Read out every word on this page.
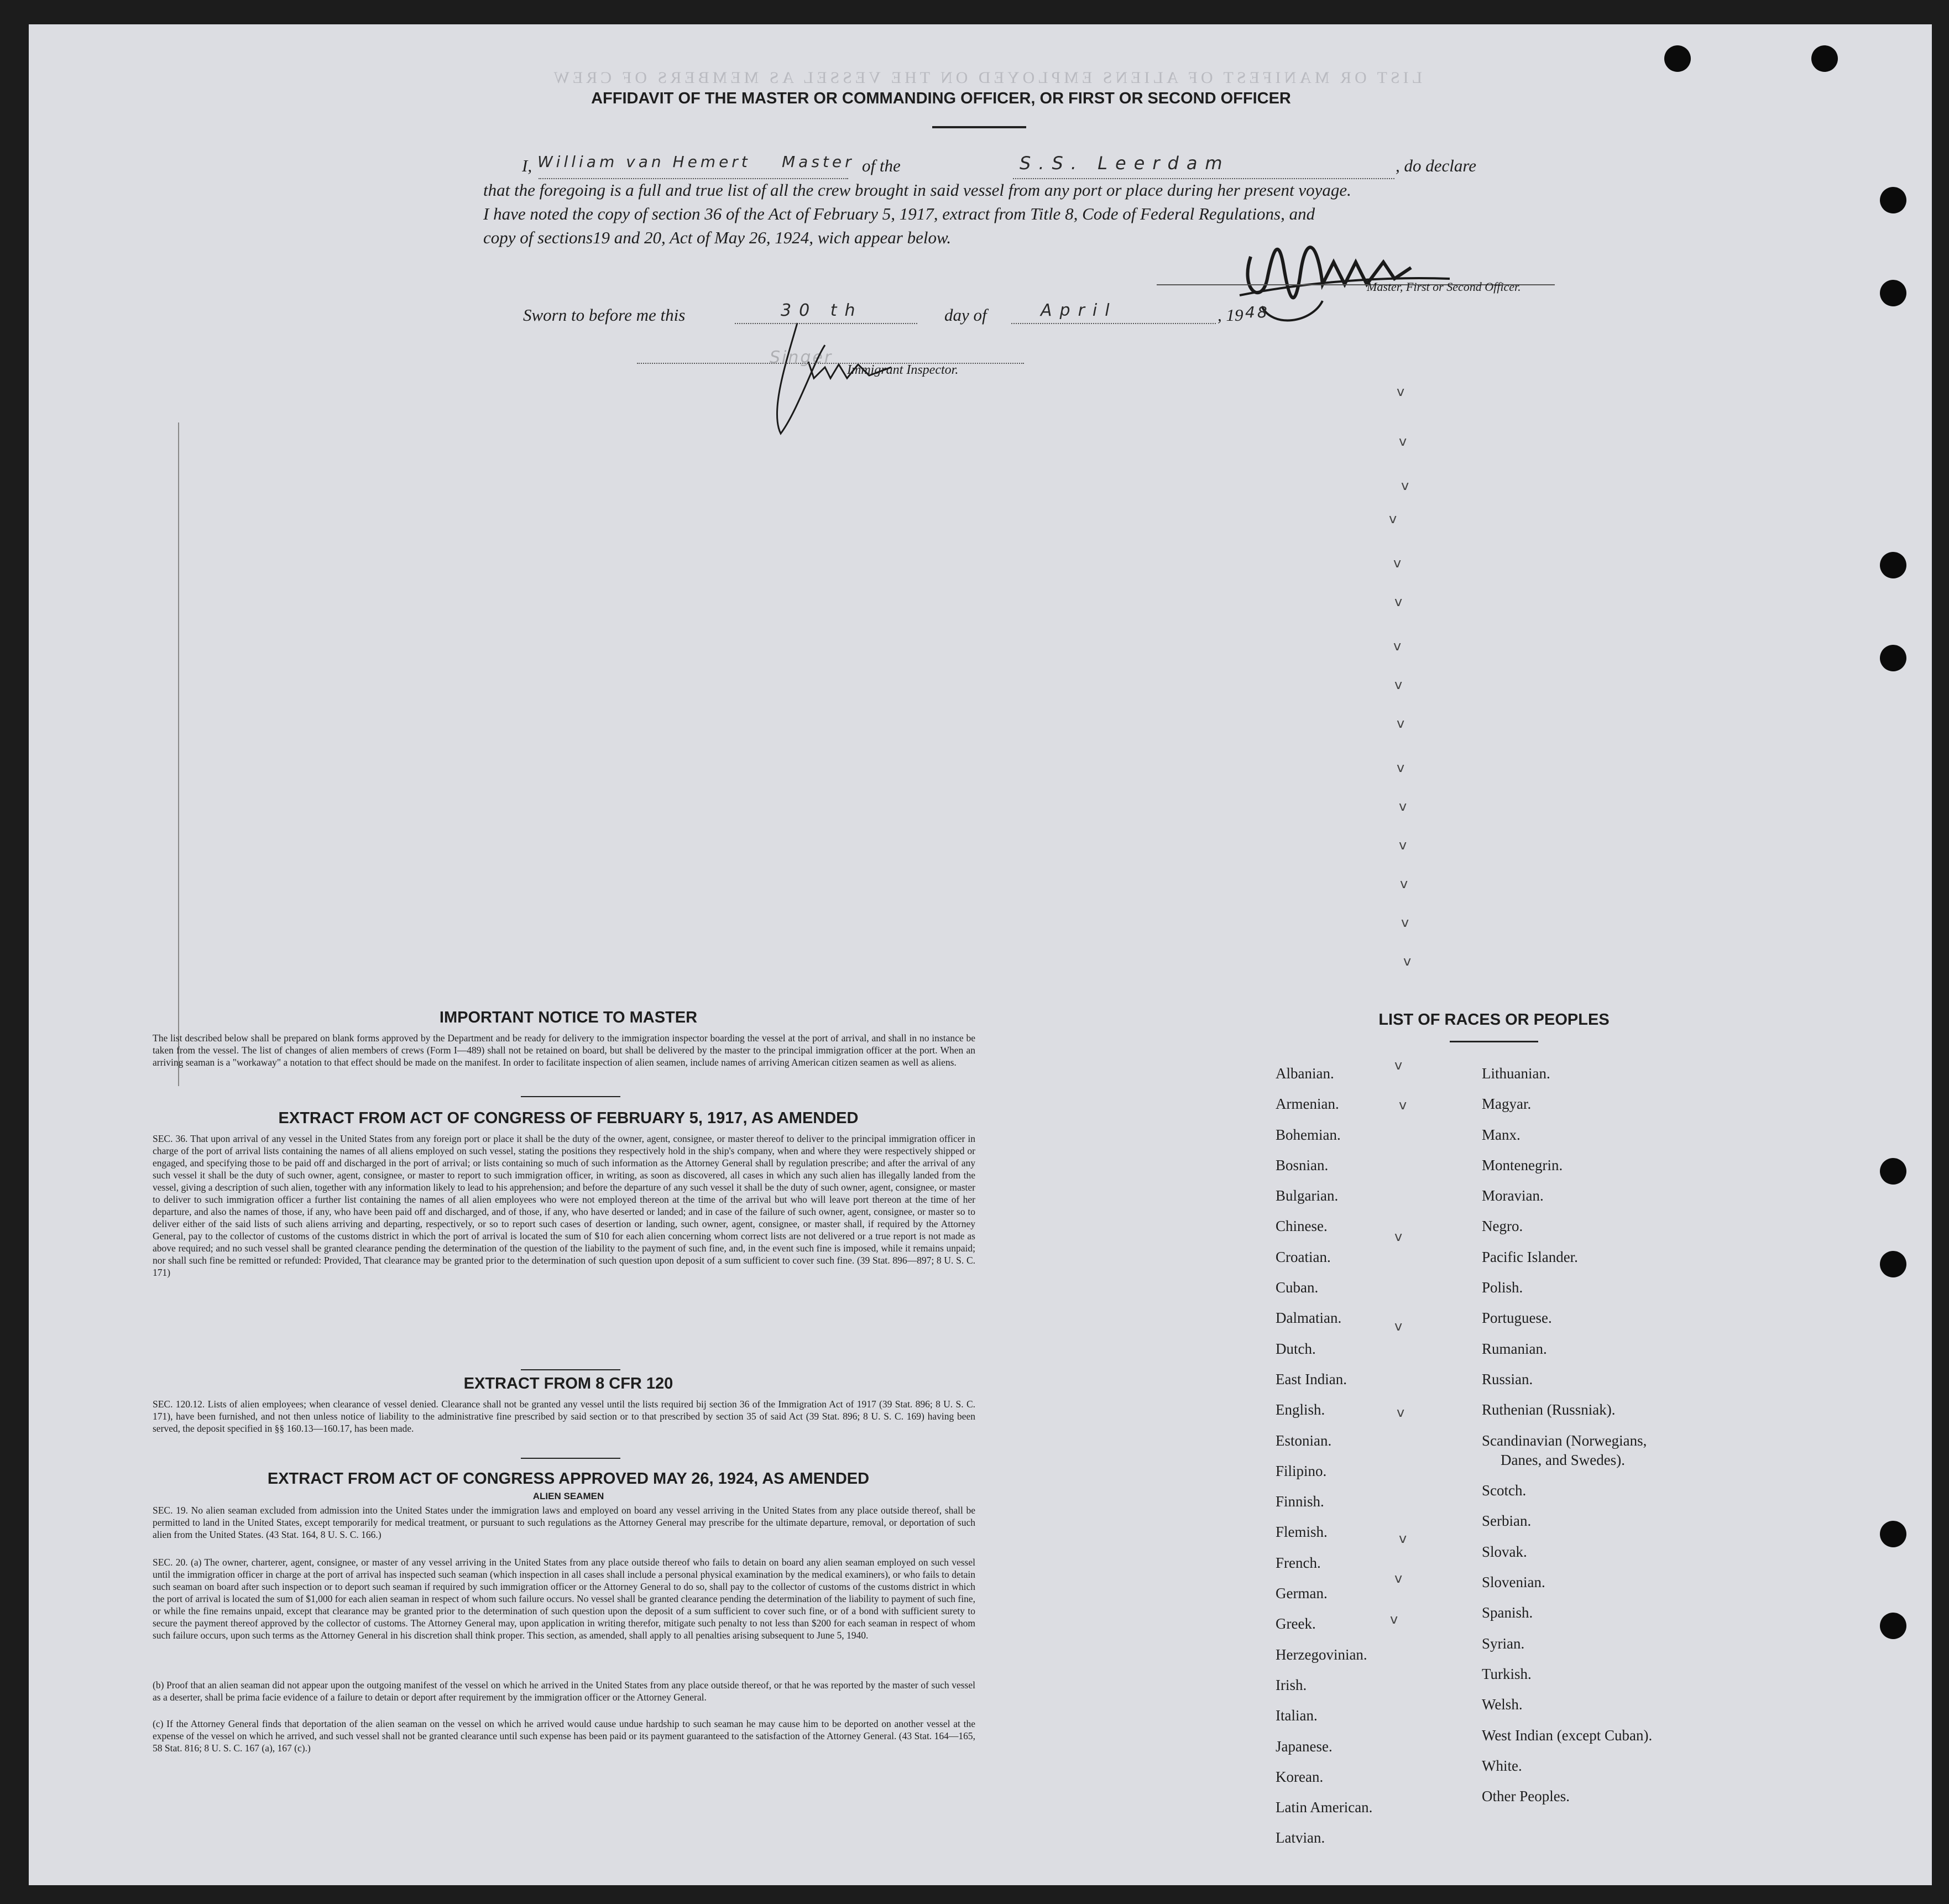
LIST OR MANIFEST OF ALIENS EMPLOYED ON THE VESSEL AS MEMBERS OF CREW
AFFIDAVIT OF THE MASTER OR COMMANDING OFFICER, OR FIRST OR SECOND OFFICER
I, William van Hemert Master of the	S.S. Leerdam	, do declare
that the foregoing is a full and true list of all the crew brought in said vessel from any port or place during her present voyage.
I have noted the copy of section 36 of the Act of February 5, 1917, extract from Title 8, Code of Federal Regulations, and
copy of sections19 and 20, Act of May 26, 1924, wich appear below.
Master, First or Second Officer.
Sworn to before me this	30 th	day of	April	, 19 48
Singer
Immigrant Inspector.
v
v
v
v
v
v
v
v
v
v
v
v
v
v
v
IMPORTANT NOTICE TO MASTER
The list described below shall be prepared on blank forms approved by the Department and be ready for delivery to the immigration inspector boarding the vessel at the port of arrival, and shall in no instance be taken from the vessel. The list of changes of alien members of crews (Form I—489) shall not be retained on board, but shall be delivered by the master to the principal immigration officer at the port. When an arriving seaman is a "workaway" a notation to that effect should be made on the manifest. In order to facilitate inspection of alien seamen, include names of arriving American citizen seamen as well as aliens.
EXTRACT FROM ACT OF CONGRESS OF FEBRUARY 5, 1917, AS AMENDED
SEC. 36. That upon arrival of any vessel in the United States from any foreign port or place it shall be the duty of the owner, agent, consignee, or master thereof to deliver to the principal immigration officer in charge of the port of arrival lists containing the names of all aliens employed on such vessel, stating the positions they respectively hold in the ship's company, when and where they were respectively shipped or engaged, and specifying those to be paid off and discharged in the port of arrival; or lists containing so much of such information as the Attorney General shall by regulation prescribe; and after the arrival of any such vessel it shall be the duty of such owner, agent, consignee, or master to report to such immigration officer, in writing, as soon as discovered, all cases in which any such alien has illegally landed from the vessel, giving a description of such alien, together with any information likely to lead to his apprehension; and before the departure of any such vessel it shall be the duty of such owner, agent, consignee, or master to deliver to such immigration officer a further list containing the names of all alien employees who were not employed thereon at the time of the arrival but who will leave port thereon at the time of her departure, and also the names of those, if any, who have been paid off and discharged, and of those, if any, who have deserted or landed; and in case of the failure of such owner, agent, consignee, or master so to deliver either of the said lists of such aliens arriving and departing, respectively, or so to report such cases of desertion or landing, such owner, agent, consignee, or master shall, if required by the Attorney General, pay to the collector of customs of the customs district in which the port of arrival is located the sum of $10 for each alien concerning whom correct lists are not delivered or a true report is not made as above required; and no such vessel shall be granted clearance pending the determination of the question of the liability to the payment of such fine, and, in the event such fine is imposed, while it remains unpaid; nor shall such fine be remitted or refunded: Provided, That clearance may be granted prior to the determination of such question upon deposit of a sum sufficient to cover such fine. (39 Stat. 896—897; 8 U. S. C. 171)
EXTRACT FROM 8 CFR 120
SEC. 120.12. Lists of alien employees; when clearance of vessel denied. Clearance shall not be granted any vessel until the lists required bij section 36 of the Immigration Act of 1917 (39 Stat. 896; 8 U. S. C. 171), have been furnished, and not then unless notice of liability to the administrative fine prescribed by said section or to that prescribed by section 35 of said Act (39 Stat. 896; 8 U. S. C. 169) having been served, the deposit specified in §§ 160.13—160.17, has been made.
EXTRACT FROM ACT OF CONGRESS APPROVED MAY 26, 1924, AS AMENDED
ALIEN SEAMEN
SEC. 19. No alien seaman excluded from admission into the United States under the immigration laws and employed on board any vessel arriving in the United States from any place outside thereof, shall be permitted to land in the United States, except temporarily for medical treatment, or pursuant to such regulations as the Attorney General may prescribe for the ultimate departure, removal, or deportation of such alien from the United States. (43 Stat. 164, 8 U. S. C. 166.)
SEC. 20. (a) The owner, charterer, agent, consignee, or master of any vessel arriving in the United States from any place outside thereof who fails to detain on board any alien seaman employed on such vessel until the immigration officer in charge at the port of arrival has inspected such seaman (which inspection in all cases shall include a personal physical examination by the medical examiners), or who fails to detain such seaman on board after such inspection or to deport such seaman if required by such immigration officer or the Attorney General to do so, shall pay to the collector of customs of the customs district in which the port of arrival is located the sum of $1,000 for each alien seaman in respect of whom such failure occurs. No vessel shall be granted clearance pending the determination of the liability to payment of such fine, or while the fine remains unpaid, except that clearance may be granted prior to the determination of such question upon the deposit of a sum sufficient to cover such fine, or of a bond with sufficient surety to secure the payment thereof approved by the collector of customs. The Attorney General may, upon application in writing therefor, mitigate such penalty to not less than $200 for each seaman in respect of whom such failure occurs, upon such terms as the Attorney General in his discretion shall think proper. This section, as amended, shall apply to all penalties arising subsequent to June 5, 1940.
(b) Proof that an alien seaman did not appear upon the outgoing manifest of the vessel on which he arrived in the United States from any place outside thereof, or that he was reported by the master of such vessel as a deserter, shall be prima facie evidence of a failure to detain or deport after requirement by the immigration officer or the Attorney General.
(c) If the Attorney General finds that deportation of the alien seaman on the vessel on which he arrived would cause undue hardship to such seaman he may cause him to be deported on another vessel at the expense of the vessel on which he arrived, and such vessel shall not be granted clearance until such expense has been paid or its payment guaranteed to the satisfaction of the Attorney General. (43 Stat. 164—165, 58 Stat. 816; 8 U. S. C. 167 (a), 167 (c).)
LIST OF RACES OR PEOPLES
Albanian.
Armenian.
Bohemian.
Bosnian.
Bulgarian.
Chinese.
Croatian.
Cuban.
Dalmatian.
Dutch.
East Indian.
English.
Estonian.
Filipino.
Finnish.
Flemish.
French.
German.
Greek.
Herzegovinian.
Irish.
Italian.
Japanese.
Korean.
Latin American.
Latvian.
Lithuanian.
Magyar.
Manx.
Montenegrin.
Moravian.
Negro.
Pacific Islander.
Polish.
Portuguese.
Rumanian.
Russian.
Ruthenian (Russniak).
Scandinavian (Norwegians,
Danes, and Swedes).
Scotch.
Serbian.
Slovak.
Slovenian.
Spanish.
Syrian.
Turkish.
Welsh.
West Indian (except Cuban).
White.
Other Peoples.
v
v
v
v
v
v
v
v
